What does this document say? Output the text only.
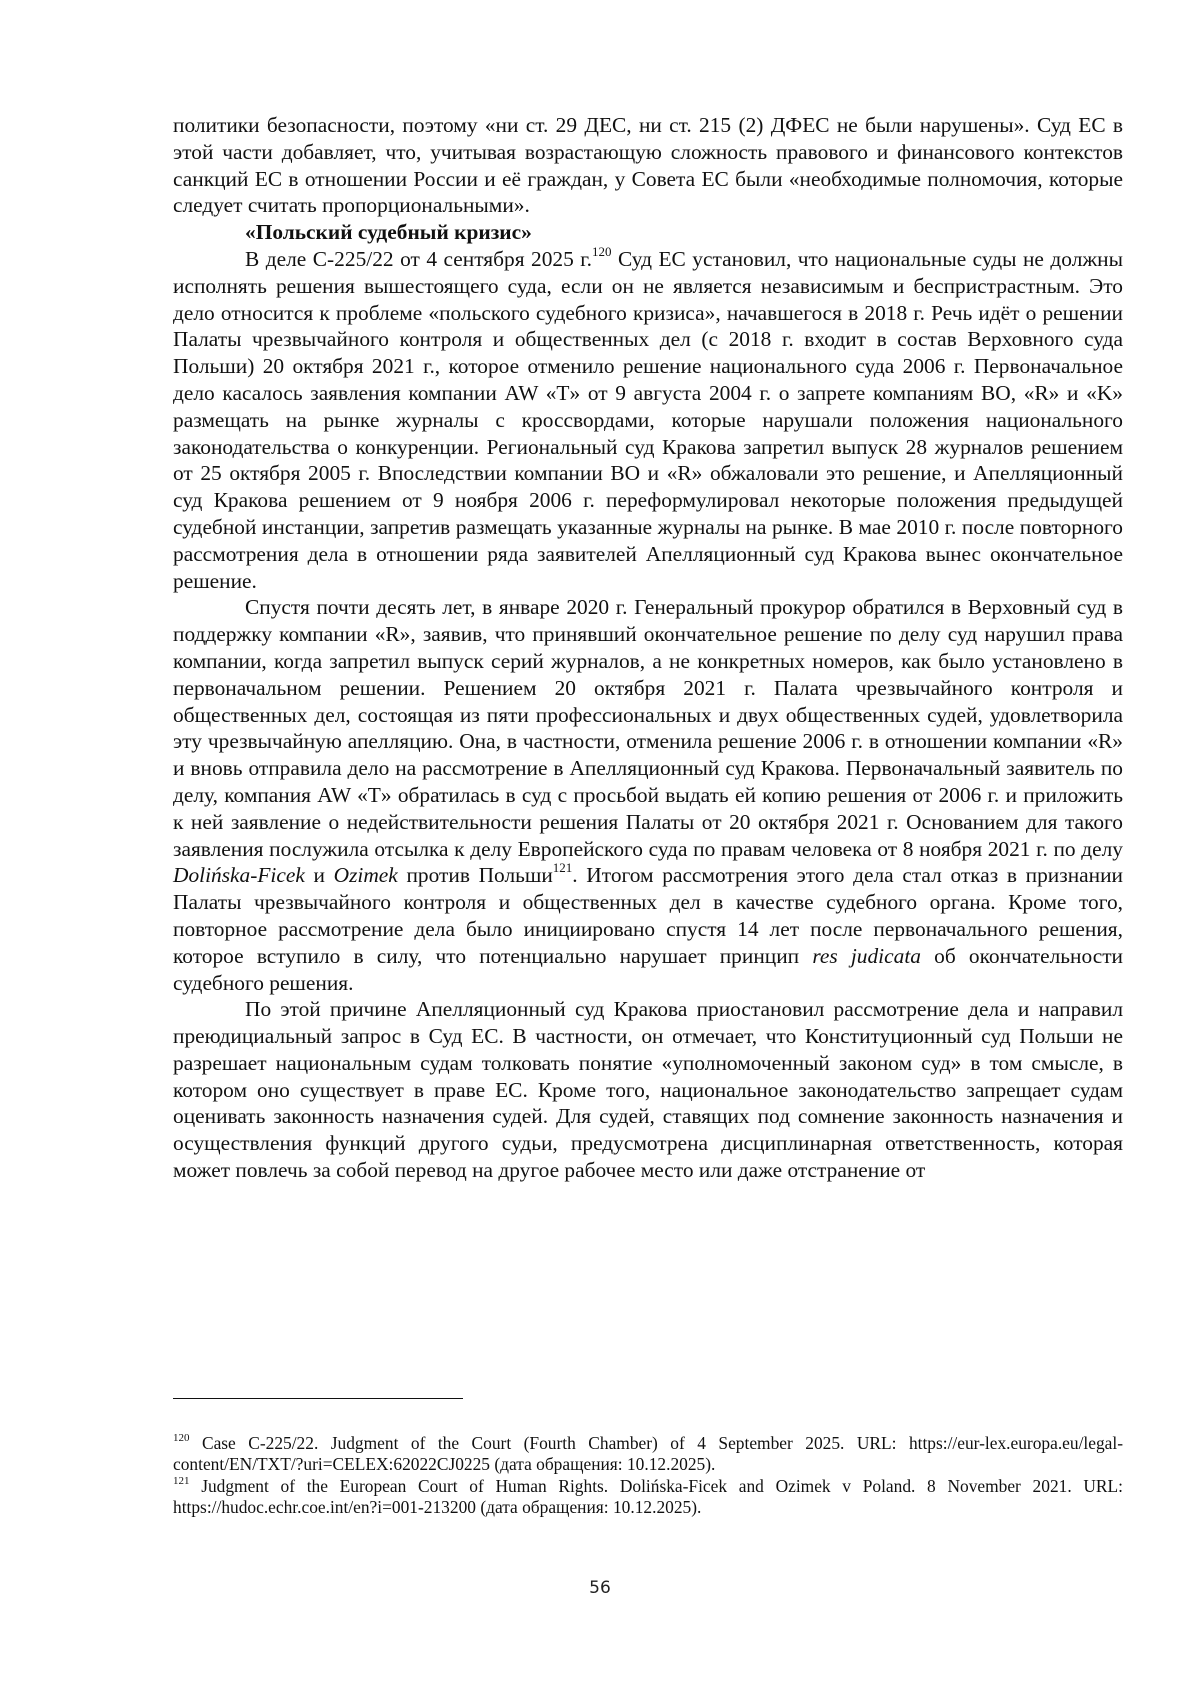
политики безопасности, поэтому «ни ст. 29 ДЕС, ни ст. 215 (2) ДФЕС не были нарушены». Суд ЕС в этой части добавляет, что, учитывая возрастающую сложность правового и финансового контекстов санкций ЕС в отношении России и её граждан, у Совета ЕС были «необходимые полномочия, которые следует считать пропорциональными».

«Польский судебный кризис»

В деле C-225/22 от 4 сентября 2025 г.$^{120}$ Суд ЕС установил, что национальные суды не должны исполнять решения вышестоящего суда, если он не является независимым и беспристрастным. Это дело относится к проблеме «польского судебного кризиса», начавшегося в 2018 г. Речь идёт о решении Палаты чрезвычайного контроля и общественных дел (с 2018 г. входит в состав Верховного суда Польши) 20 октября 2021 г., которое отменило решение национального суда 2006 г. Первоначальное дело касалось заявления компании AW «T» от 9 августа 2004 г. о запрете компаниям BO, «R» и «K» размещать на рынке журналы с кроссвордами, которые нарушали положения национального законодательства о конкуренции. Региональный суд Кракова запретил выпуск 28 журналов решением от 25 октября 2005 г. Впоследствии компании BO и «R» обжаловали это решение, и Апелляционный суд Кракова решением от 9 ноября 2006 г. переформулировал некоторые положения предыдущей судебной инстанции, запретив размещать указанные журналы на рынке. В мае 2010 г. после повторного рассмотрения дела в отношении ряда заявителей Апелляционный суд Кракова вынес окончательное решение.

Спустя почти десять лет, в январе 2020 г. Генеральный прокурор обратился в Верховный суд в поддержку компании «R», заявив, что принявший окончательное решение по делу суд нарушил права компании, когда запретил выпуск серий журналов, а не конкретных номеров, как было установлено в первоначальном решении. Решением 20 октября 2021 г. Палата чрезвычайного контроля и общественных дел, состоящая из пяти профессиональных и двух общественных судей, удовлетворила эту чрезвычайную апелляцию. Она, в частности, отменила решение 2006 г. в отношении компании «R» и вновь отправила дело на рассмотрение в Апелляционный суд Кракова. Первоначальный заявитель по делу, компания AW «T» обратилась в суд с просьбой выдать ей копию решения от 2006 г. и приложить к ней заявление о недействительности решения Палаты от 20 октября 2021 г. Основанием для такого заявления послужила отсылка к делу Европейского суда по правам человека от 8 ноября 2021 г. по делу Dolińska-Ficek и Ozimek против Польши$^{121}$. Итогом рассмотрения этого дела стал отказ в признании Палаты чрезвычайного контроля и общественных дел в качестве судебного органа. Кроме того, повторное рассмотрение дела было инициировано спустя 14 лет после первоначального решения, которое вступило в силу, что потенциально нарушает принцип res judicata об окончательности судебного решения.

По этой причине Апелляционный суд Кракова приостановил рассмотрение дела и направил преюдициальный запрос в Суд ЕС. В частности, он отмечает, что Конституционный суд Польши не разрешает национальным судам толковать понятие «уполномоченный законом суд» в том смысле, в котором оно существует в праве ЕС. Кроме того, национальное законодательство запрещает судам оценивать законность назначения судей. Для судей, ставящих под сомнение законность назначения и осуществления функций другого судьи, предусмотрена дисциплинарная ответственность, которая может повлечь за собой перевод на другое рабочее место или даже отстранение от

$^{120}$ Case C-225/22. Judgment of the Court (Fourth Chamber) of 4 September 2025. URL: https://eur-lex.europa.eu/legal-content/EN/TXT/?uri=CELEX:62022CJ0225 (дата обращения: 10.12.2025).

$^{121}$ Judgment of the European Court of Human Rights. Dolińska-Ficek and Ozimek v Poland. 8 November 2021. URL: https://hudoc.echr.coe.int/en?i=001-213200 (дата обращения: 10.12.2025).

56
